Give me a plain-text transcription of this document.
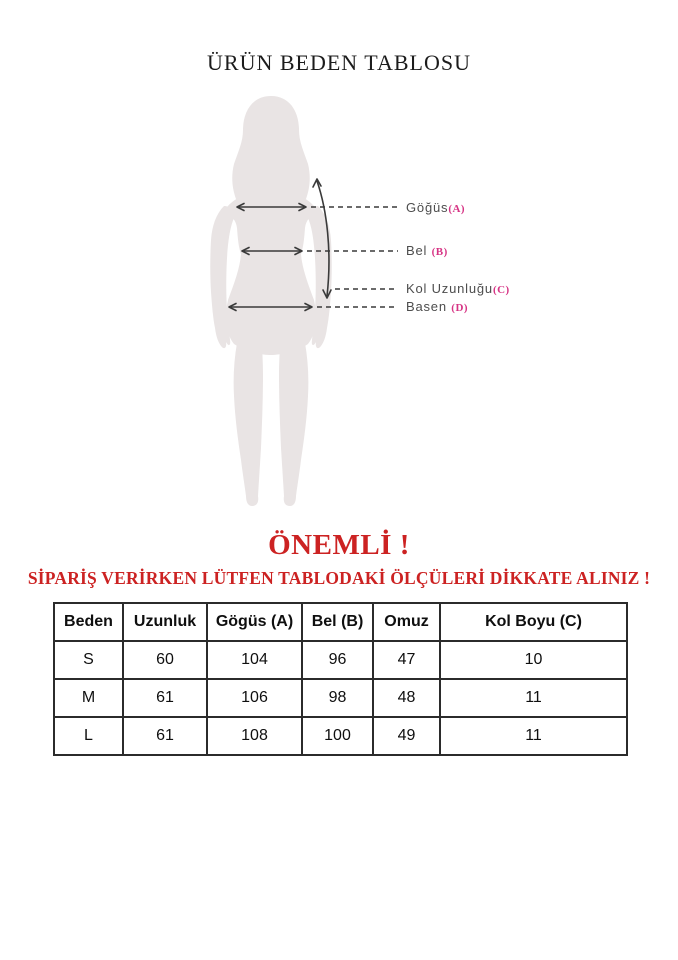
ÜRÜN BEDEN TABLOSU
Göğüs(A)
Bel (B)
Kol Uzunluğu(C)
Basen (D)
ÖNEMLİ !
SİPARİŞ VERİRKEN LÜTFEN TABLODAKİ ÖLÇÜLERİ DİKKATE ALINIZ !
Beden	Uzunluk	Gögüs (A)	Bel (B)	Omuz	Kol Boyu (C)
S	60	104	96	47	10
M	61	106	98	48	11
L	61	108	100	49	11
